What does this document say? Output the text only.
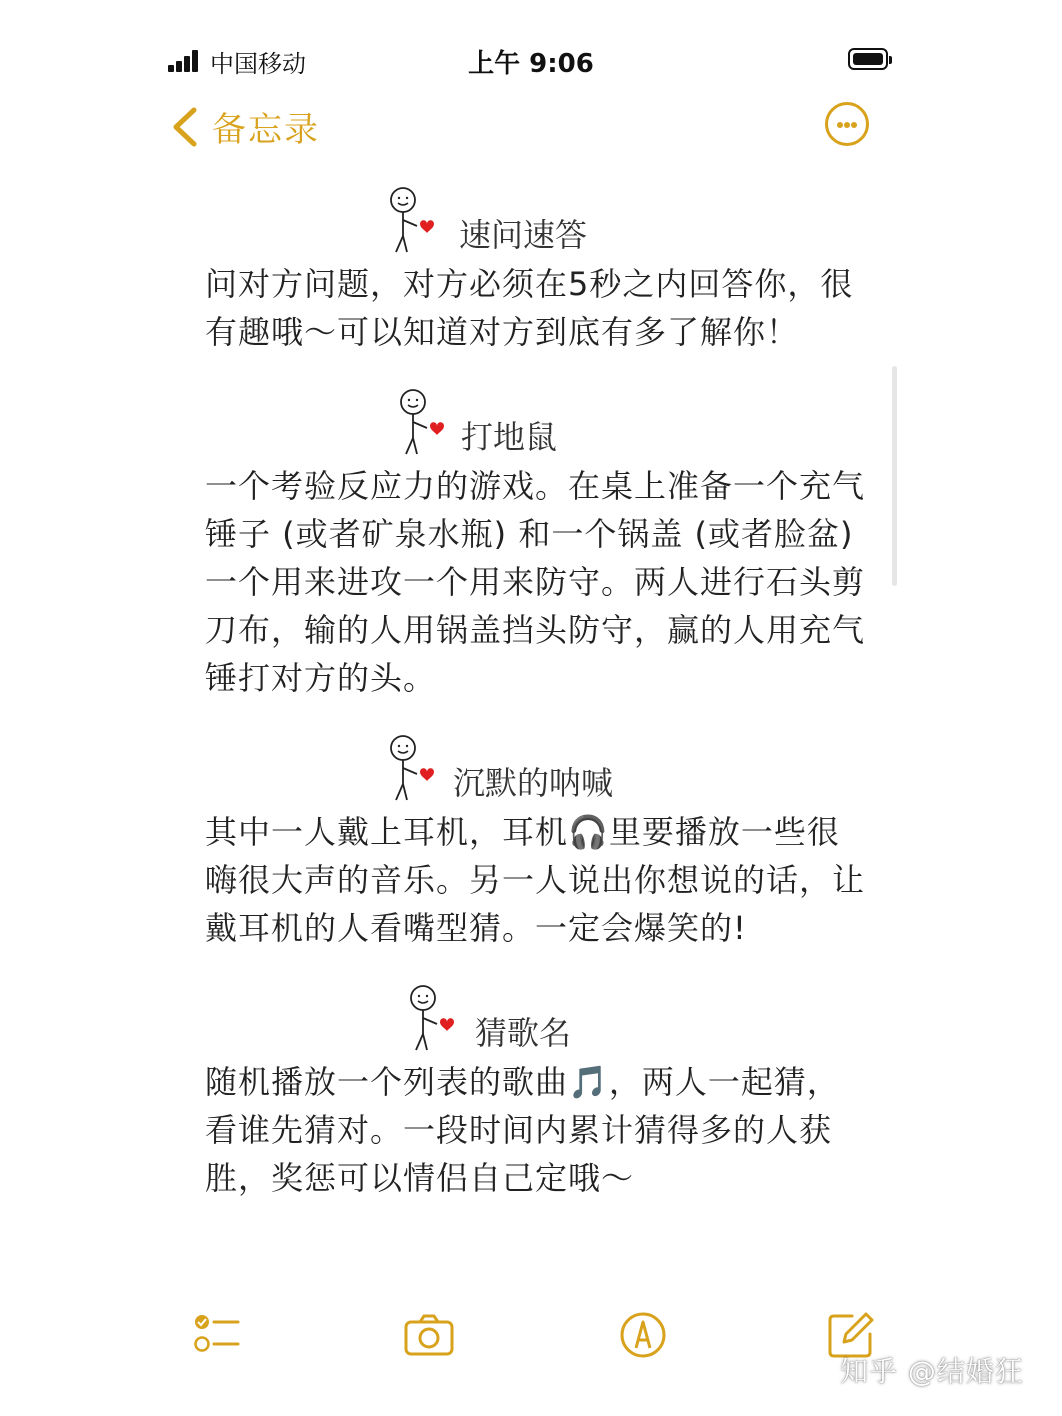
中国移动	上午 9:06
备忘录
速问速答

问对方问题，对方必须在5秒之内回答你，很有趣哦～可以知道对方到底有多了解你！

打地鼠

一个考验反应力的游戏。在桌上准备一个充气锤子 (或者矿泉水瓶) 和一个锅盖 (或者脸盆) 一个用来进攻一个用来防守。两人进行石头剪刀布，输的人用锅盖挡头防守，赢的人用充气锤打对方的头。

沉默的呐喊

其中一人戴上耳机，耳机🎧里要播放一些很嗨很大声的音乐。另一人说出你想说的话，让戴耳机的人看嘴型猜。一定会爆笑的!

猜歌名

随机播放一个列表的歌曲🎵，两人一起猜，看谁先猜对。一段时间内累计猜得多的人获胜，奖惩可以情侣自己定哦～

知乎 @结婚狂
